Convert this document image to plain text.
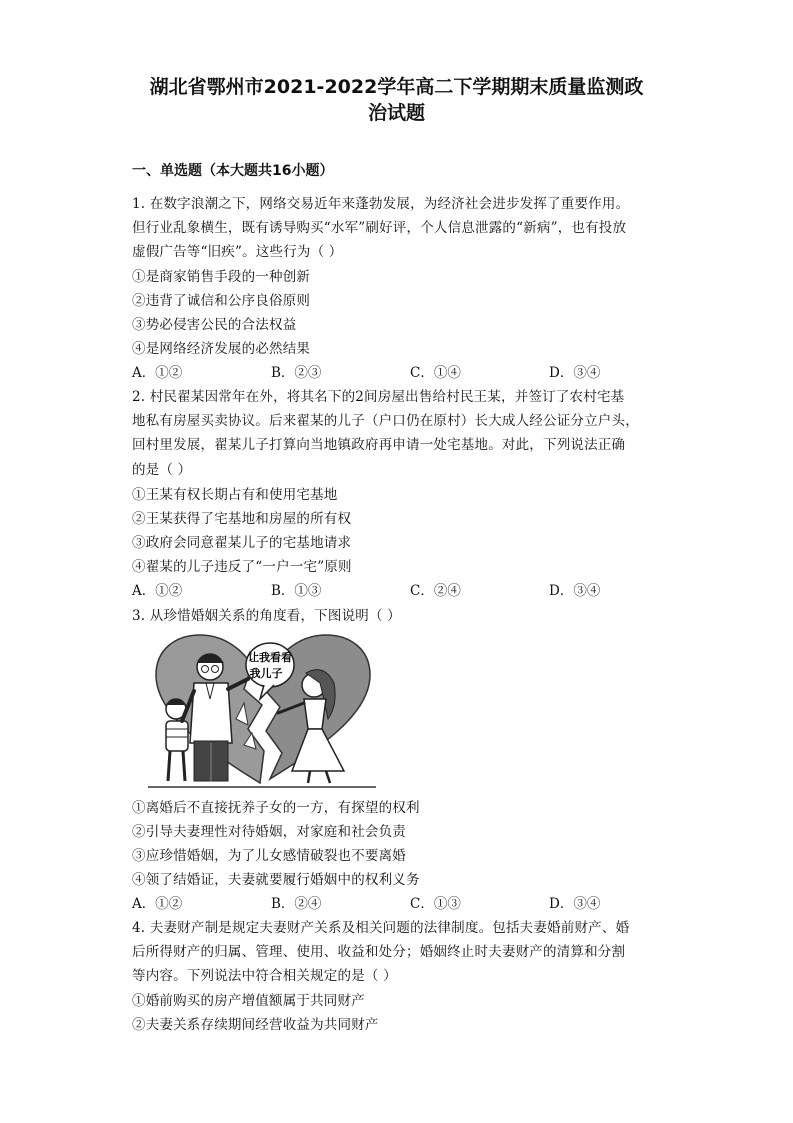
湖北省鄂州市2021-2022学年高二下学期期末质量监测政
治试题
一、单选题（本大题共16小题）
1. 在数字浪潮之下，网络交易近年来蓬勃发展，为经济社会进步发挥了重要作用。
但行业乱象横生，既有诱导购买“水军”刷好评，个人信息泄露的“新病”，也有投放
虚假广告等“旧疾”。这些行为（ ）
①是商家销售手段的一种创新
②违背了诚信和公序良俗原则
③势必侵害公民的合法权益
④是网络经济发展的必然结果
A．①②	B．②③	C．①④	D．③④
2. 村民翟某因常年在外，将其名下的2间房屋出售给村民王某，并签订了农村宅基
地私有房屋买卖协议。后来翟某的儿子（户口仍在原村）长大成人经公证分立户头，
回村里发展，翟某儿子打算向当地镇政府再申请一处宅基地。对此，下列说法正确
的是（ ）
①王某有权长期占有和使用宅基地
②王某获得了宅基地和房屋的所有权
③政府会同意翟某儿子的宅基地请求
④翟某的儿子违反了“一户一宅”原则
A．①②	B．①③	C．②④	D．③④
3. 从珍惜婚姻关系的角度看，下图说明（ ）
让我看看
我儿子
①离婚后不直接抚养子女的一方，有探望的权利
②引导夫妻理性对待婚姻，对家庭和社会负责
③应珍惜婚姻，为了儿女感情破裂也不要离婚
④领了结婚证，夫妻就要履行婚姻中的权利义务
A．①②	B．②④	C．①③	D．③④
4. 夫妻财产制是规定夫妻财产关系及相关问题的法律制度。包括夫妻婚前财产、婚
后所得财产的归属、管理、使用、收益和处分；婚姻终止时夫妻财产的清算和分割
等内容。下列说法中符合相关规定的是（ ）
①婚前购买的房产增值额属于共同财产
②夫妻关系存续期间经营收益为共同财产
